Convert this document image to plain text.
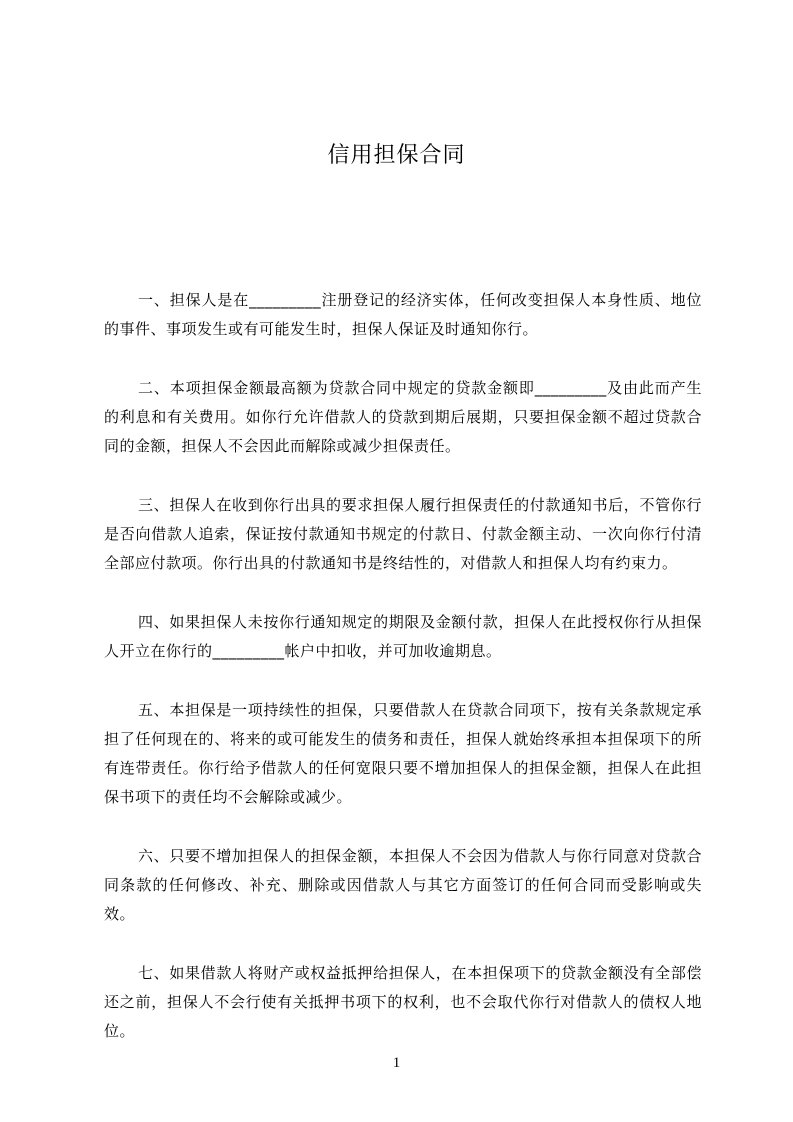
信用担保合同

一、担保人是在_________注册登记的经济实体，任何改变担保人本身性质、地位的事件、事项发生或有可能发生时，担保人保证及时通知你行。

二、本项担保金额最高额为贷款合同中规定的贷款金额即_________及由此而产生的利息和有关费用。如你行允许借款人的贷款到期后展期，只要担保金额不超过贷款合同的金额，担保人不会因此而解除或减少担保责任。

三、担保人在收到你行出具的要求担保人履行担保责任的付款通知书后，不管你行是否向借款人追索，保证按付款通知书规定的付款日、付款金额主动、一次向你行付清全部应付款项。你行出具的付款通知书是终结性的，对借款人和担保人均有约束力。

四、如果担保人未按你行通知规定的期限及金额付款，担保人在此授权你行从担保人开立在你行的_________帐户中扣收，并可加收逾期息。

五、本担保是一项持续性的担保，只要借款人在贷款合同项下，按有关条款规定承担了任何现在的、将来的或可能发生的债务和责任，担保人就始终承担本担保项下的所有连带责任。你行给予借款人的任何宽限只要不增加担保人的担保金额，担保人在此担保书项下的责任均不会解除或减少。

六、只要不增加担保人的担保金额，本担保人不会因为借款人与你行同意对贷款合同条款的任何修改、补充、删除或因借款人与其它方面签订的任何合同而受影响或失效。

七、如果借款人将财产或权益抵押给担保人，在本担保项下的贷款金额没有全部偿还之前，担保人不会行使有关抵押书项下的权利，也不会取代你行对借款人的债权人地位。

1
